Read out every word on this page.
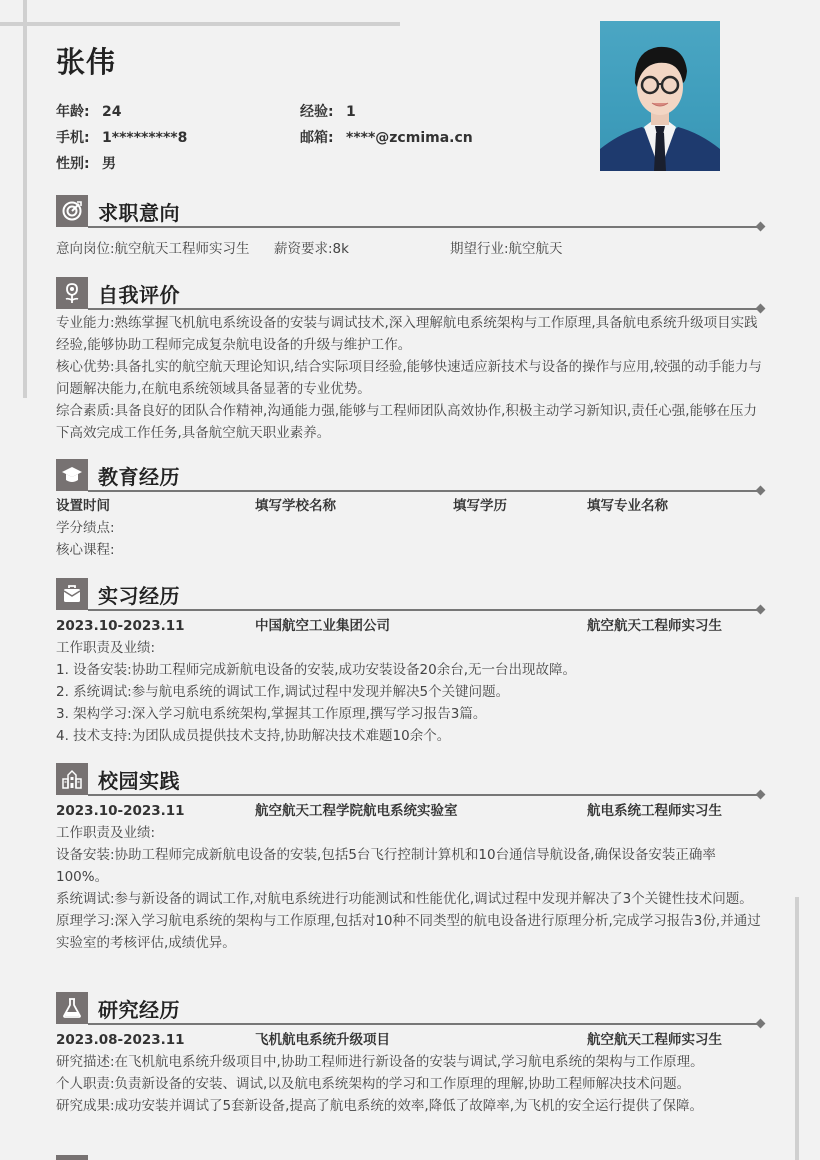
张伟
年龄: 24	经验: 1
手机: 1*********8	邮箱: ****@zcmima.cn
性别: 男
求职意向
意向岗位:航空航天工程师实习生 薪资要求:8k	期望行业:航空航天
自我评价

专业能力:熟练掌握飞机航电系统设备的安装与调试技术,深入理解航电系统架构与工作原理,具备航电系统升级项目实践经验,能够协助工程师完成复杂航电设备的升级与维护工作。

核心优势:具备扎实的航空航天理论知识,结合实际项目经验,能够快速适应新技术与设备的操作与应用,较强的动手能力与问题解决能力,在航电系统领域具备显著的专业优势。

综合素质:具备良好的团队合作精神,沟通能力强,能够与工程师团队高效协作,积极主动学习新知识,责任心强,能够在压力下高效完成工作任务,具备航空航天职业素养。

教育经历
设置时间	填写学校名称	填写学历	填写专业名称

学分绩点:

核心课程:

实习经历
2023.10-2023.11	中国航空工业集团公司	航空航天工程师实习生

工作职责及业绩:

1. 设备安装:协助工程师完成新航电设备的安装,成功安装设备20余台,无一台出现故障。

2. 系统调试:参与航电系统的调试工作,调试过程中发现并解决5个关键问题。

3. 架构学习:深入学习航电系统架构,掌握其工作原理,撰写学习报告3篇。

4. 技术支持:为团队成员提供技术支持,协助解决技术难题10余个。

校园实践
2023.10-2023.11	航空航天工程学院航电系统实验室	航电系统工程师实习生

工作职责及业绩:

设备安装:协助工程师完成新航电设备的安装,包括5台飞行控制计算机和10台通信导航设备,确保设备安装正确率100%。

系统调试:参与新设备的调试工作,对航电系统进行功能测试和性能优化,调试过程中发现并解决了3个关键性技术问题。

原理学习:深入学习航电系统的架构与工作原理,包括对10种不同类型的航电设备进行原理分析,完成学习报告3份,并通过实验室的考核评估,成绩优异。

研究经历
2023.08-2023.11	飞机航电系统升级项目	航空航天工程师实习生

研究描述:在飞机航电系统升级项目中,协助工程师进行新设备的安装与调试,学习航电系统的架构与工作原理。

个人职责:负责新设备的安装、调试,以及航电系统架构的学习和工作原理的理解,协助工程师解决技术问题。

研究成果:成功安装并调试了5套新设备,提高了航电系统的效率,降低了故障率,为飞机的安全运行提供了保障。
